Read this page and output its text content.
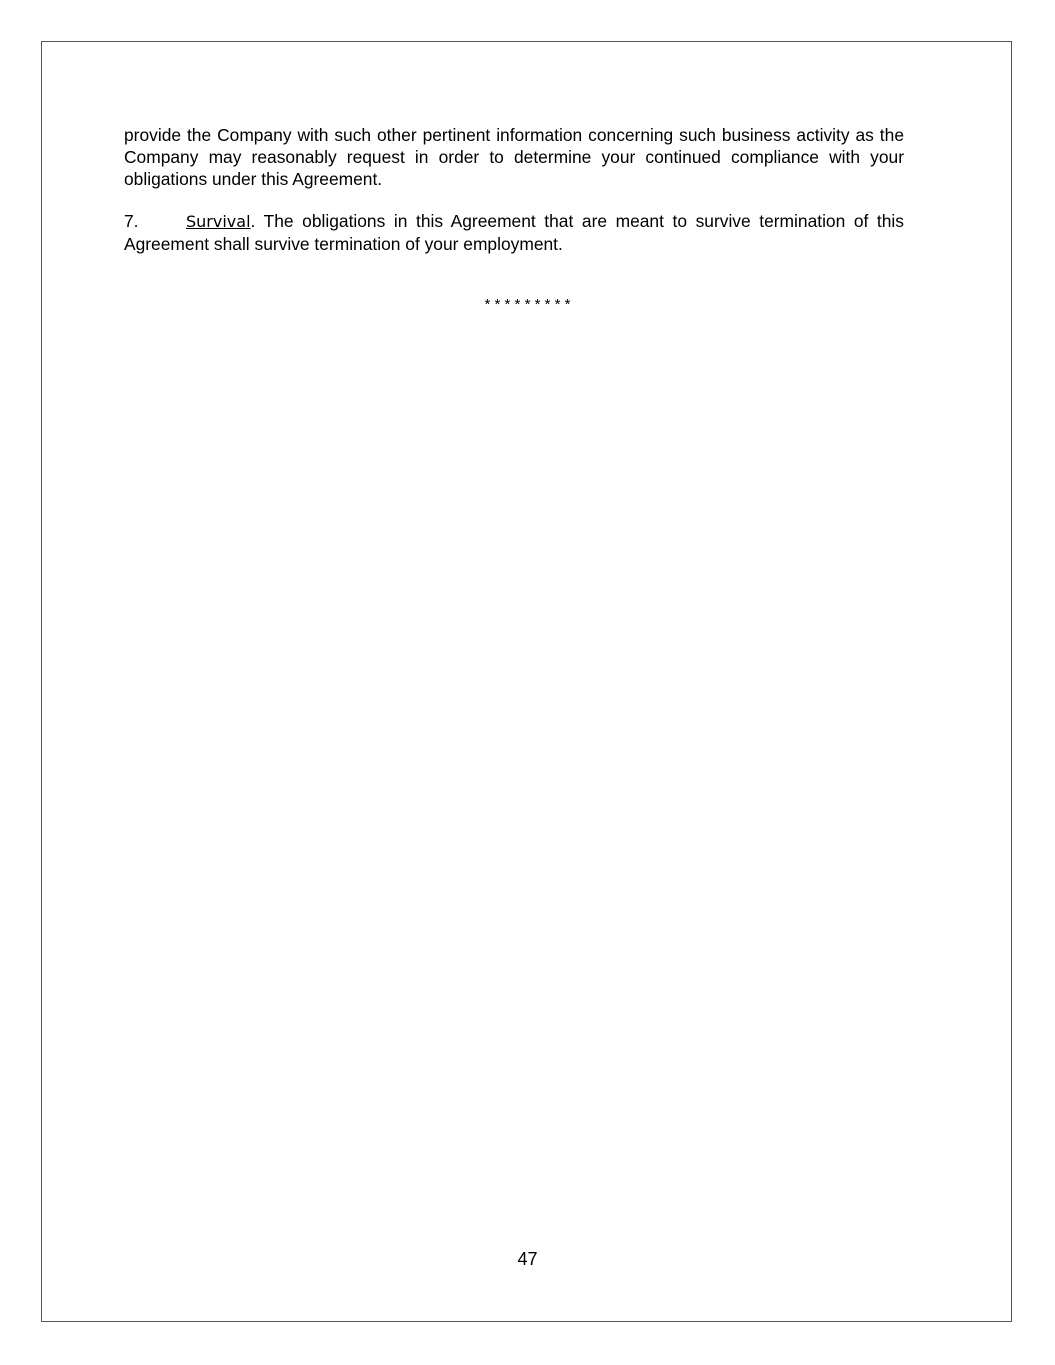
provide the Company with such other pertinent information concerning such business activity as the Company may reasonably request in order to determine your continued compliance with your obligations under this Agreement.
7.	Survival. The obligations in this Agreement that are meant to survive termination of this Agreement shall survive termination of your employment.
* * * * * * * * *
47
